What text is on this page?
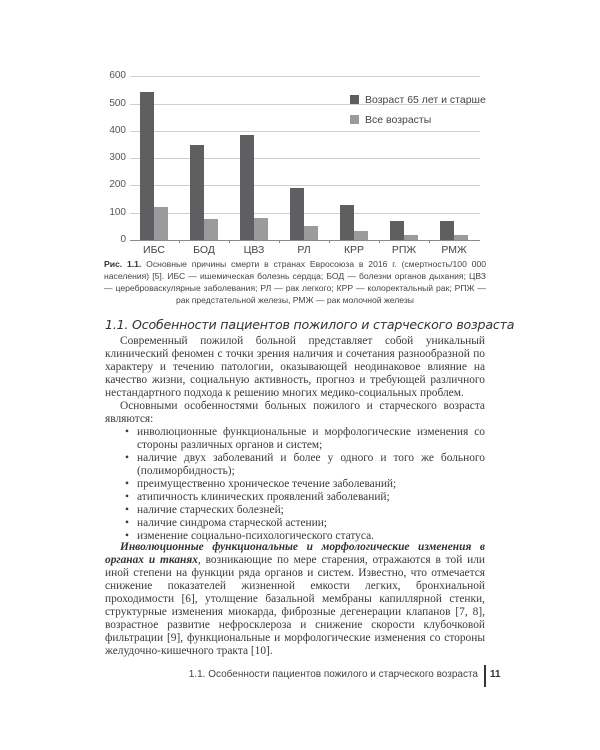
0
100
200
300
400
500
600
ИБС	БОД	ЦВЗ	РЛ	КРР	РПЖ	РМЖ
Возраст 65 лет и старше
Все возрасты
Рис. 1.1. Основные причины смерти в странах Евросоюза в 2016 г. (смертность/100 000 населения) [5]. ИБС — ишемическая болезнь сердца; БОД — болезни органов дыхания; ЦВЗ — цереброваскулярные заболевания; РЛ — рак легкого; КРР — колоректальный рак; РПЖ — рак предстательной железы, РМЖ — рак молочной железы
1.1. Особенности пациентов пожилого и старческого возраста

Современный пожилой больной представляет собой уникальный клинический феномен с точки зрения наличия и сочетания разнообразной по характеру и течению патологии, оказывающей неодинаковое влияние на качество жизни, социальную активность, прогноз и требующей различного нестандартного подхода к решению многих медико-социальных проблем.

Основными особенностями больных пожилого и старческого возраста являются:

• инволюционные функциональные и морфологические изменения со стороны различных органов и систем;
• наличие двух заболеваний и более у одного и того же больного (полиморбидность);
• преимущественно хроническое течение заболеваний;
• атипичность клинических проявлений заболеваний;
• наличие старческих болезней;
• наличие синдрома старческой астении;
• изменение социально-психологического статуса.

Инволюционные функциональные и морфологические изменения в органах и тканях, возникающие по мере старения, отражаются в той или иной степени на функции ряда органов и систем. Известно, что отмечается снижение показателей жизненной емкости легких, бронхиальной проходимости [6], утолщение базальной мембраны капиллярной стенки, структурные изменения миокарда, фиброзные дегенерации клапанов [7, 8], возрастное развитие нефросклероза и снижение скорости клубочковой фильтрации [9], функциональные и морфологические изменения со стороны желудочно-кишечного тракта [10].

1.1. Особенности пациентов пожилого и старческого возраста 11
